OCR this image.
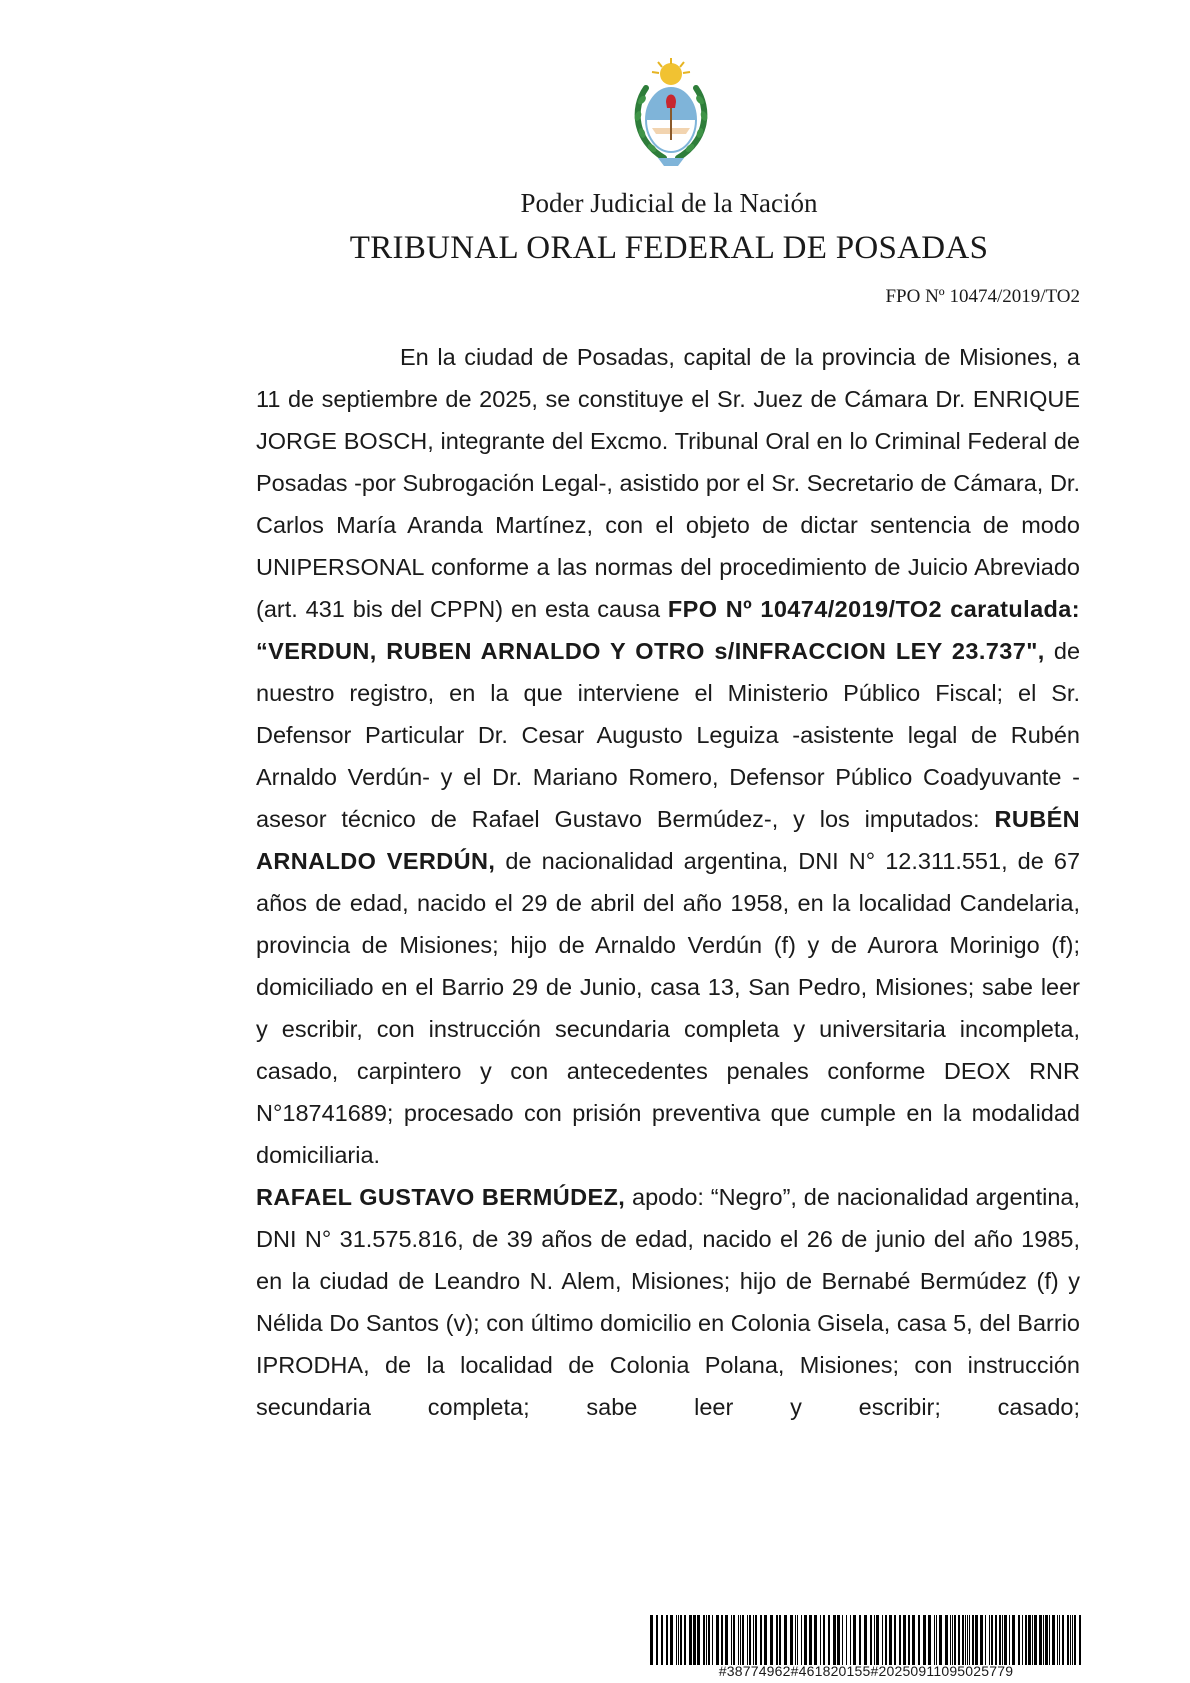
Poder Judicial de la Nación
TRIBUNAL ORAL FEDERAL DE POSADAS
FPO Nº 10474/2019/TO2

En la ciudad de Posadas, capital de la provincia de Misiones, a 11 de septiembre de 2025, se constituye el Sr. Juez de Cámara Dr. ENRIQUE JORGE BOSCH, integrante del Excmo. Tribunal Oral en lo Criminal Federal de Posadas -por Subrogación Legal-, asistido por el Sr. Secretario de Cámara, Dr. Carlos María Aranda Martínez, con el objeto de dictar sentencia de modo UNIPERSONAL conforme a las normas del procedimiento de Juicio Abreviado (art. 431 bis del CPPN) en esta causa FPO Nº 10474/2019/TO2 caratulada: “VERDUN, RUBEN ARNALDO Y OTRO s/INFRACCION LEY 23.737", de nuestro registro, en la que interviene el Ministerio Público Fiscal; el Sr. Defensor Particular Dr. Cesar Augusto Leguiza -asistente legal de Rubén Arnaldo Verdún- y el Dr. Mariano Romero, Defensor Público Coadyuvante -asesor técnico de Rafael Gustavo Bermúdez-, y los imputados: RUBÉN ARNALDO VERDÚN, de nacionalidad argentina, DNI N° 12.311.551, de 67 años de edad, nacido el 29 de abril del año 1958, en la localidad Candelaria, provincia de Misiones; hijo de Arnaldo Verdún (f) y de Aurora Morinigo (f); domiciliado en el Barrio 29 de Junio, casa 13, San Pedro, Misiones; sabe leer y escribir, con instrucción secundaria completa y universitaria incompleta, casado, carpintero y con antecedentes penales conforme DEOX RNR N°18741689; procesado con prisión preventiva que cumple en la modalidad domiciliaria.

RAFAEL GUSTAVO BERMÚDEZ, apodo: “Negro”, de nacionalidad argentina, DNI N° 31.575.816, de 39 años de edad, nacido el 26 de junio del año 1985, en la ciudad de Leandro N. Alem, Misiones; hijo de Bernabé Bermúdez (f) y Nélida Do Santos (v); con último domicilio en Colonia Gisela, casa 5, del Barrio IPRODHA, de la localidad de Colonia Polana, Misiones; con instrucción secundaria completa; sabe leer y escribir; casado;

#38774962#461820155#20250911095025779
